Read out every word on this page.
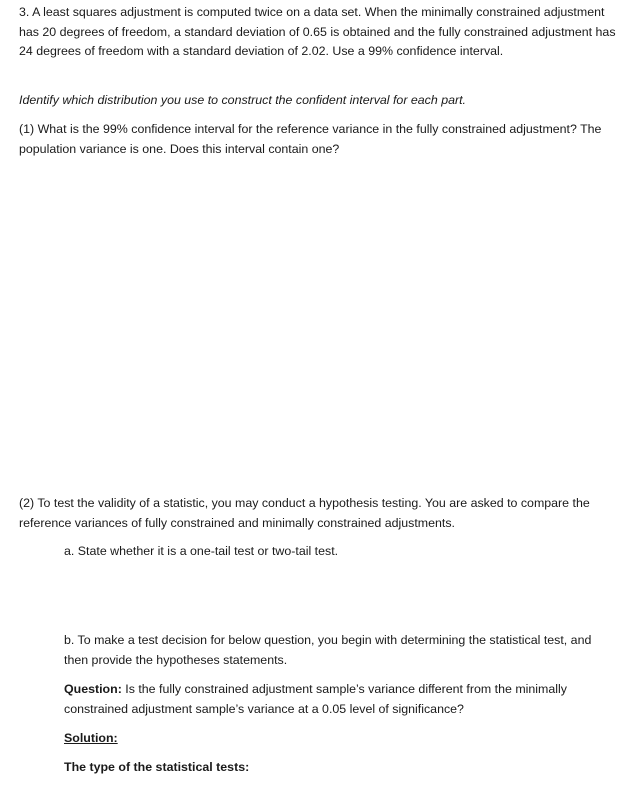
3. A least squares adjustment is computed twice on a data set. When the minimally constrained adjustment has 20 degrees of freedom, a standard deviation of 0.65 is obtained and the fully constrained adjustment has 24 degrees of freedom with a standard deviation of 2.02. Use a 99% confidence interval.

Identify which distribution you use to construct the confident interval for each part.

(1) What is the 99% confidence interval for the reference variance in the fully constrained adjustment? The population variance is one. Does this interval contain one?

(2) To test the validity of a statistic, you may conduct a hypothesis testing. You are asked to compare the reference variances of fully constrained and minimally constrained adjustments.

a. State whether it is a one-tail test or two-tail test.

b. To make a test decision for below question, you begin with determining the statistical test, and then provide the hypotheses statements.

Question: Is the fully constrained adjustment sample’s variance different from the minimally constrained adjustment sample’s variance at a 0.05 level of significance?

Solution:

The type of the statistical tests:
